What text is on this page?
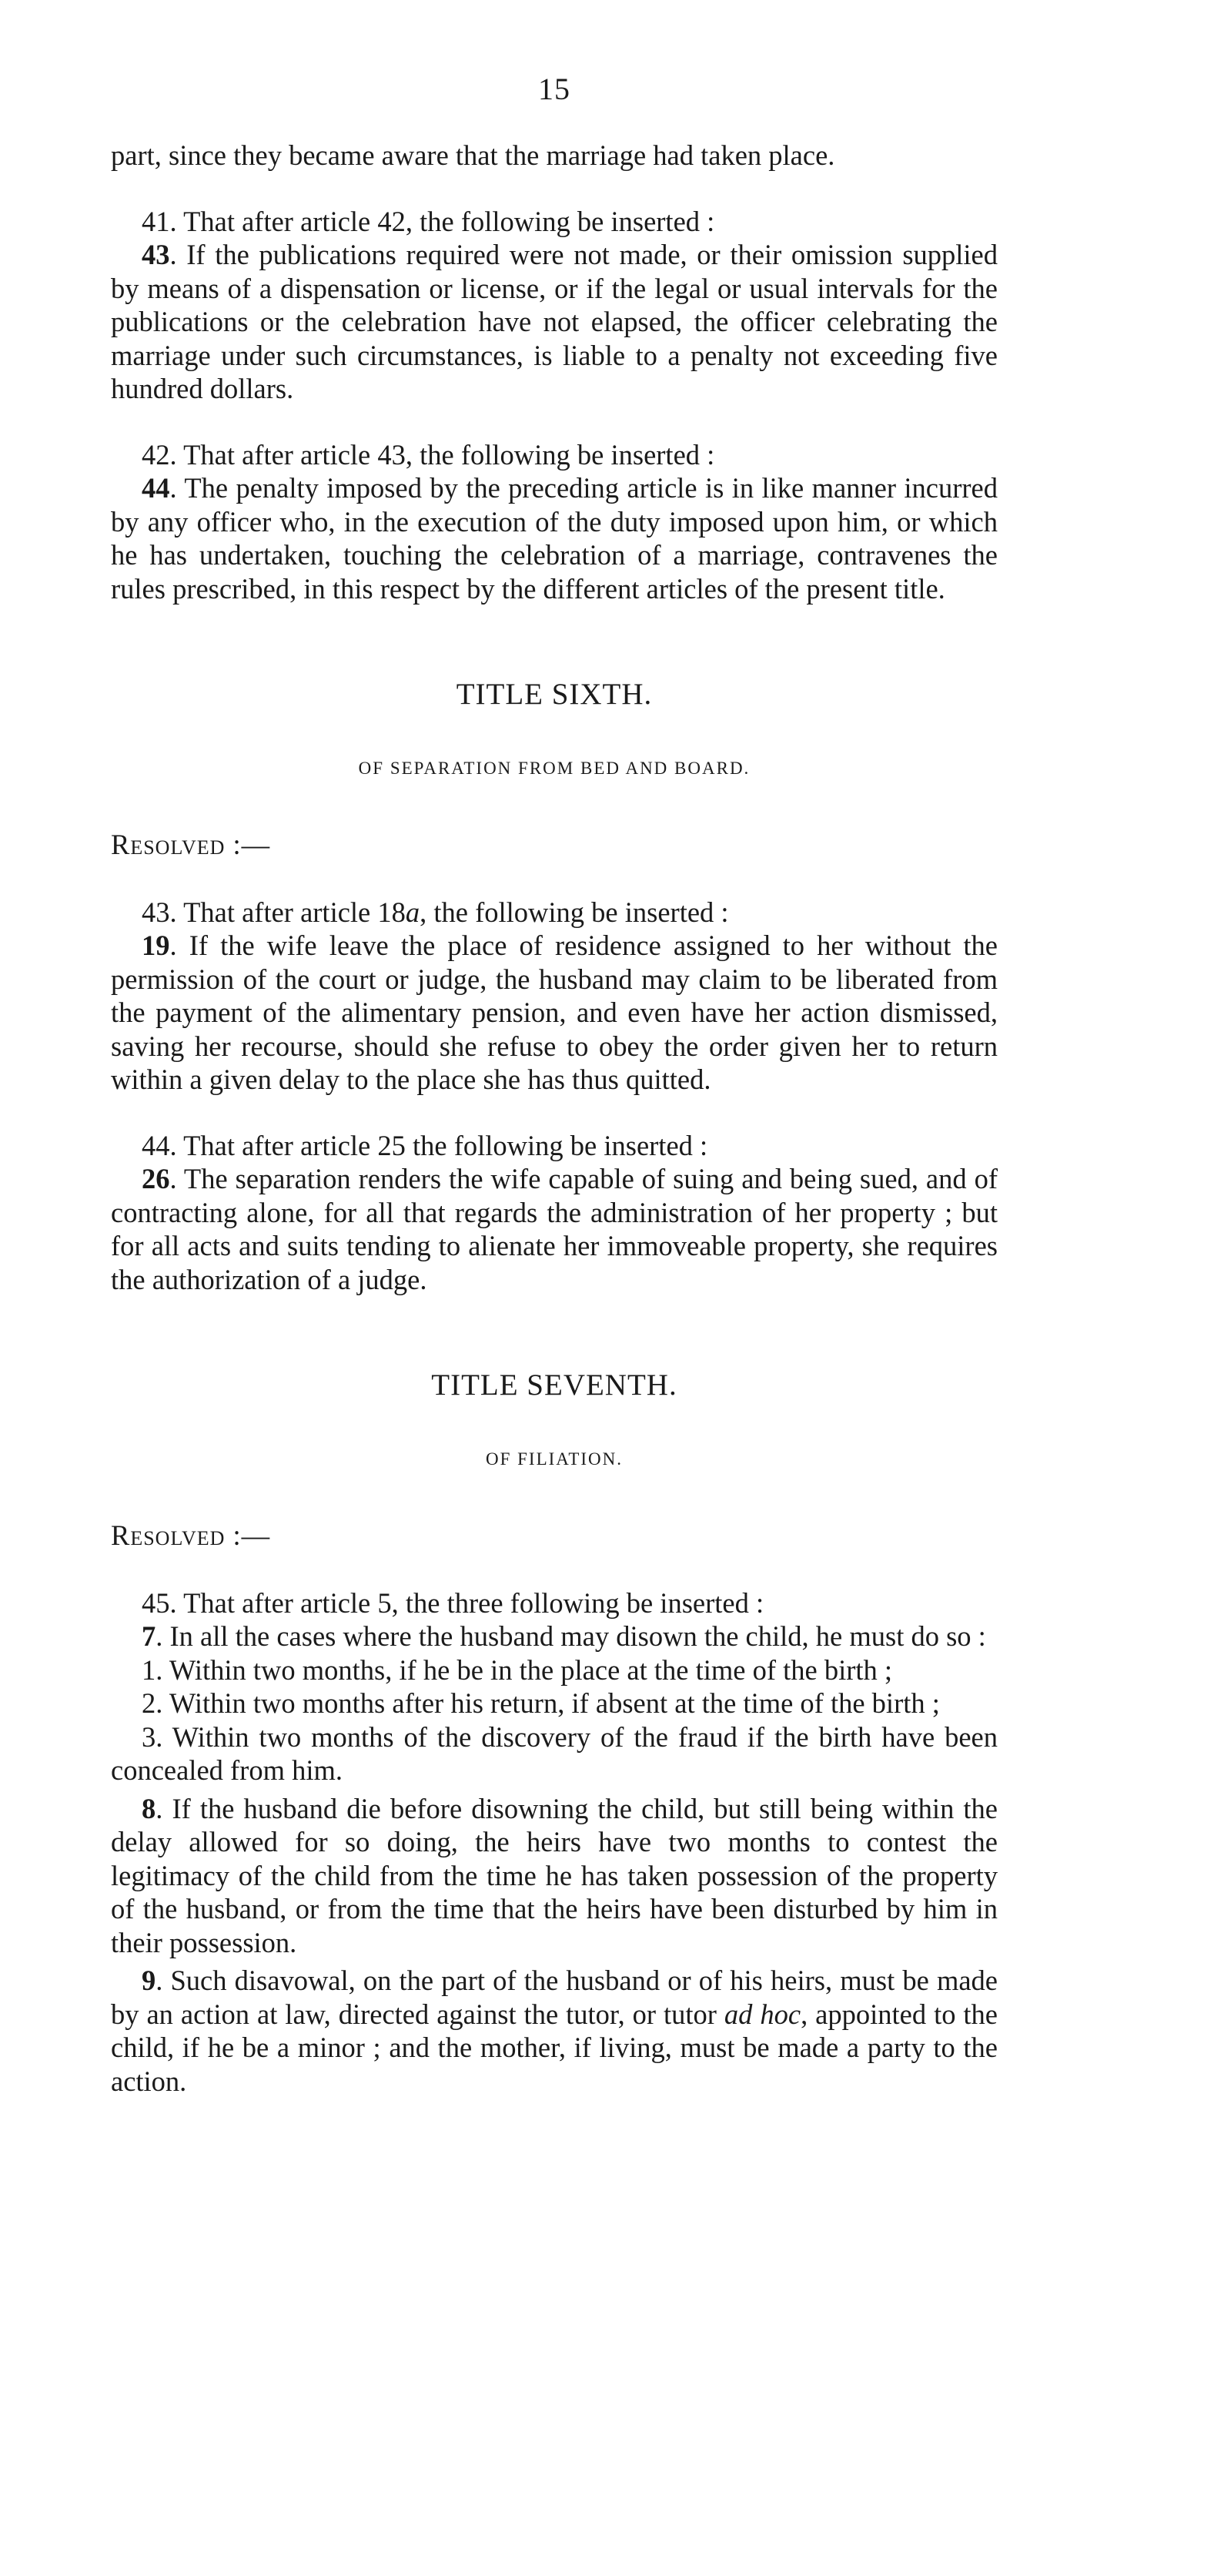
15

part, since they became aware that the marriage had taken place.

41. That after article 42, the following be inserted :

43. If the publications required were not made, or their omission supplied by means of a dispensation or license, or if the legal or usual intervals for the publications or the celebration have not elapsed, the officer celebrating the marriage under such circumstances, is liable to a penalty not exceeding five hundred dollars.

42. That after article 43, the following be inserted :

44. The penalty imposed by the preceding article is in like manner incurred by any officer who, in the execution of the duty imposed upon him, or which he has undertaken, touching the celebration of a marriage, contravenes the rules prescribed, in this respect by the different articles of the present title.

TITLE SIXTH.
OF SEPARATION FROM BED AND BOARD.
Resolved :—

43. That after article 18a, the following be inserted :

19. If the wife leave the place of residence assigned to her without the permission of the court or judge, the husband may claim to be liberated from the payment of the alimentary pension, and even have her action dismissed, saving her recourse, should she refuse to obey the order given her to return within a given delay to the place she has thus quitted.

44. That after article 25 the following be inserted :

26. The separation renders the wife capable of suing and being sued, and of contracting alone, for all that regards the administration of her property ; but for all acts and suits tending to alienate her immoveable property, she requires the authorization of a judge.

TITLE SEVENTH.
OF FILIATION.
Resolved :—

45. That after article 5, the three following be inserted :

7. In all the cases where the husband may disown the child, he must do so :

1. Within two months, if he be in the place at the time of the birth ;

2. Within two months after his return, if absent at the time of the birth ;

3. Within two months of the discovery of the fraud if the birth have been concealed from him.

8. If the husband die before disowning the child, but still being within the delay allowed for so doing, the heirs have two months to contest the legitimacy of the child from the time he has taken possession of the property of the husband, or from the time that the heirs have been disturbed by him in their possession.

9. Such disavowal, on the part of the husband or of his heirs, must be made by an action at law, directed against the tutor, or tutor ad hoc, appointed to the child, if he be a minor ; and the mother, if living, must be made a party to the action.
